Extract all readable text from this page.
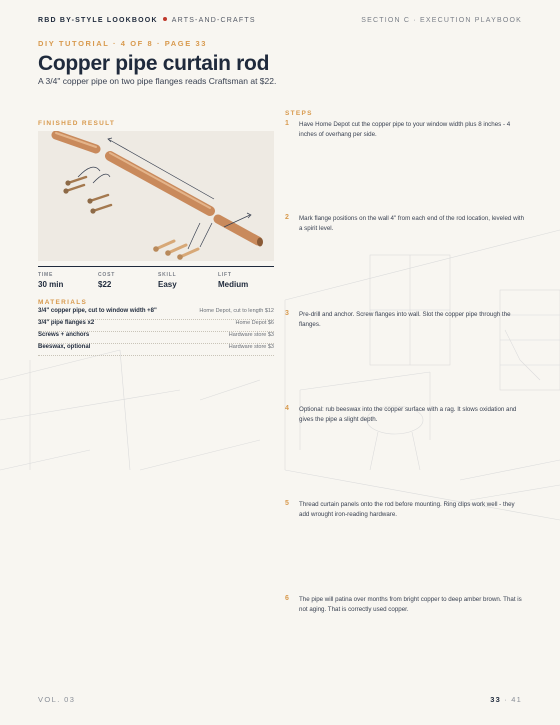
RBD BY-STYLE LOOKBOOK ARTS-AND-CRAFTS	SECTION C · EXECUTION PLAYBOOK
DIY TUTORIAL · 4 OF 8 · PAGE 33
Copper pipe curtain rod
A 3/4" copper pipe on two pipe flanges reads Craftsman at $22.
FINISHED RESULT
TIME
30 min
COST
$22
SKILL
Easy
LIFT
Medium
MATERIALS
3/4" copper pipe, cut to window width +8"	Home Depot, cut to length $12
3/4" pipe flanges x2	Home Depot $6
Screws + anchors	Hardware store $3
Beeswax, optional	Hardware store $3
STEPS
1	Have Home Depot cut the copper pipe to your window width plus 8 inches - 4 inches of overhang per side.
2	Mark flange positions on the wall 4" from each end of the rod location, leveled with a spirit level.
3	Pre-drill and anchor. Screw flanges into wall. Slot the copper pipe through the flanges.
4	Optional: rub beeswax into the copper surface with a rag. It slows oxidation and gives the pipe a slight depth.
5	Thread curtain panels onto the rod before mounting. Ring clips work well - they add wrought iron-reading hardware.
6	The pipe will patina over months from bright copper to deep amber brown. That is not aging. That is correctly used copper.
VOL. 03	33 · 41
